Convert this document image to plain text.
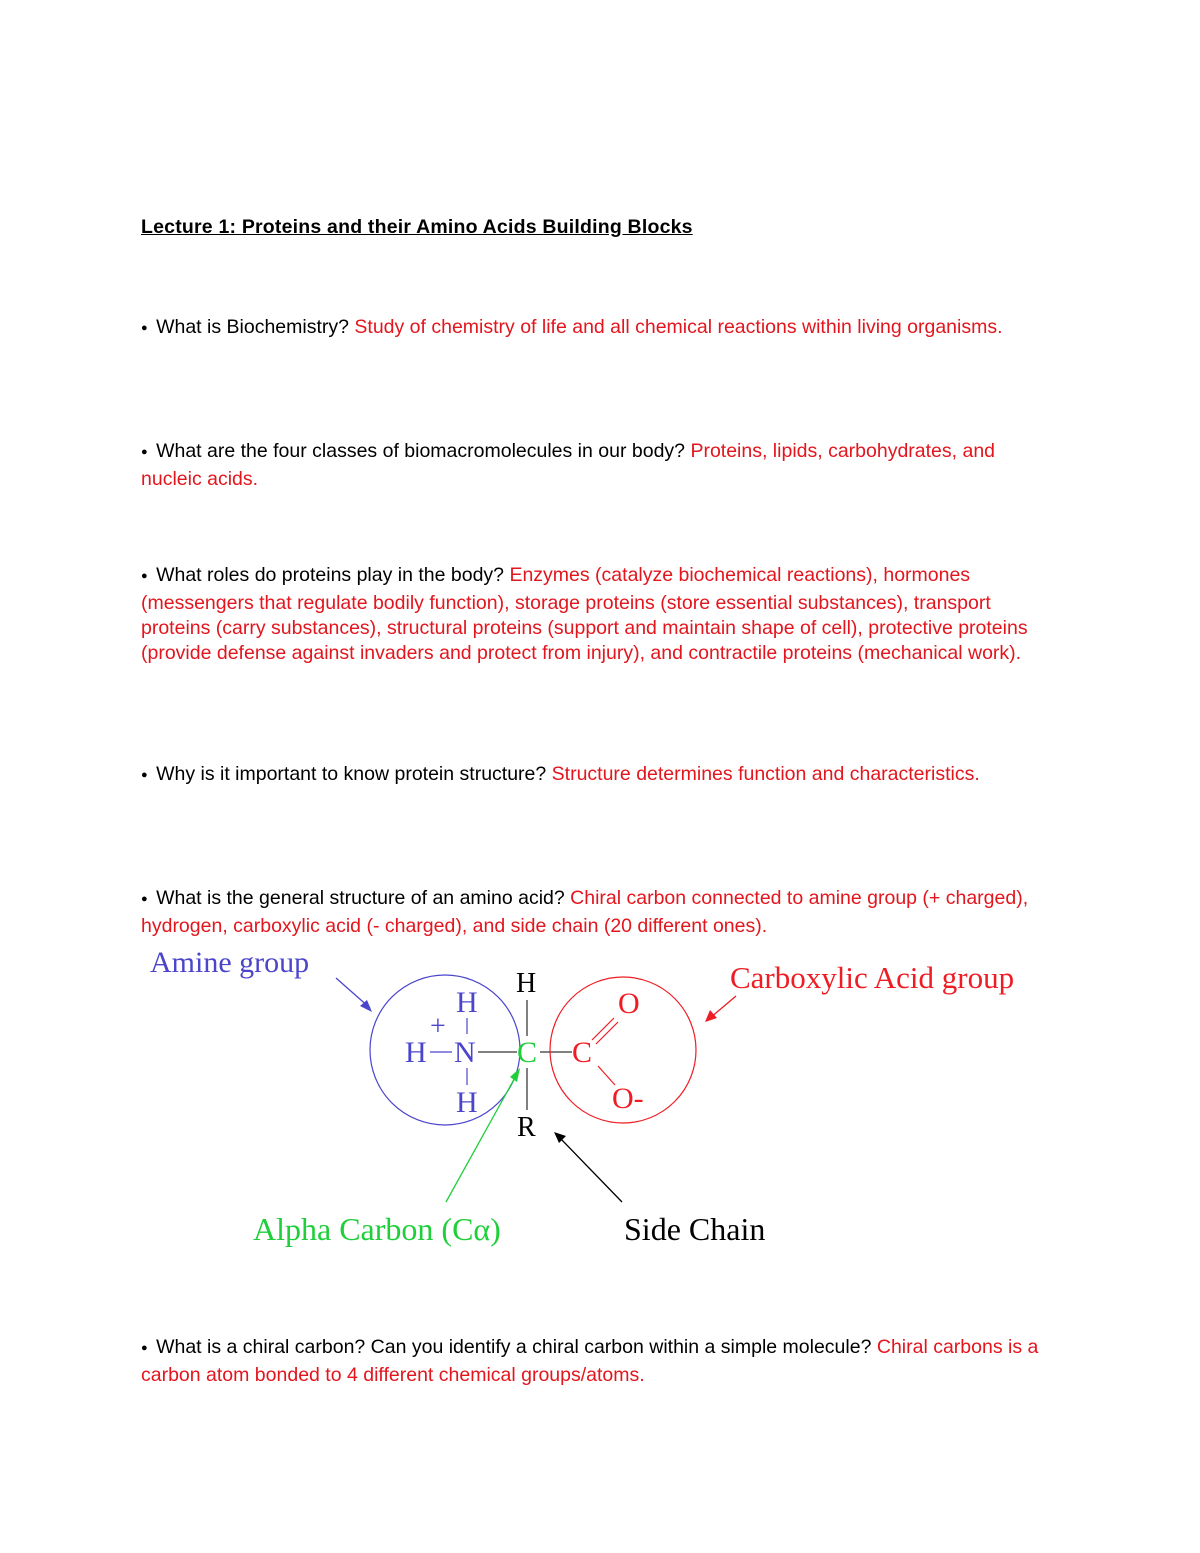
Lecture 1: Proteins and their Amino Acids Building Blocks
● What is Biochemistry? Study of chemistry of life and all chemical reactions within living organisms.
● What are the four classes of biomacromolecules in our body? Proteins, lipids, carbohydrates, and nucleic acids.
● What roles do proteins play in the body? Enzymes (catalyze biochemical reactions), hormones (messengers that regulate bodily function), storage proteins (store essential substances), transport proteins (carry substances), structural proteins (support and maintain shape of cell), protective proteins (provide defense against invaders and protect from injury), and contractile proteins (mechanical work).
● Why is it important to know protein structure? Structure determines function and characteristics.
● What is the general structure of an amino acid? Chiral carbon connected to amine group (+ charged), hydrogen, carboxylic acid (- charged), and side chain (20 different ones).
Amine group
H
+
H N
H
H
C
R
C
O
O-
Carboxylic Acid group
Alpha Carbon (Cα)	Side Chain
● What is a chiral carbon? Can you identify a chiral carbon within a simple molecule? Chiral carbons is a carbon atom bonded to 4 different chemical groups/atoms.
